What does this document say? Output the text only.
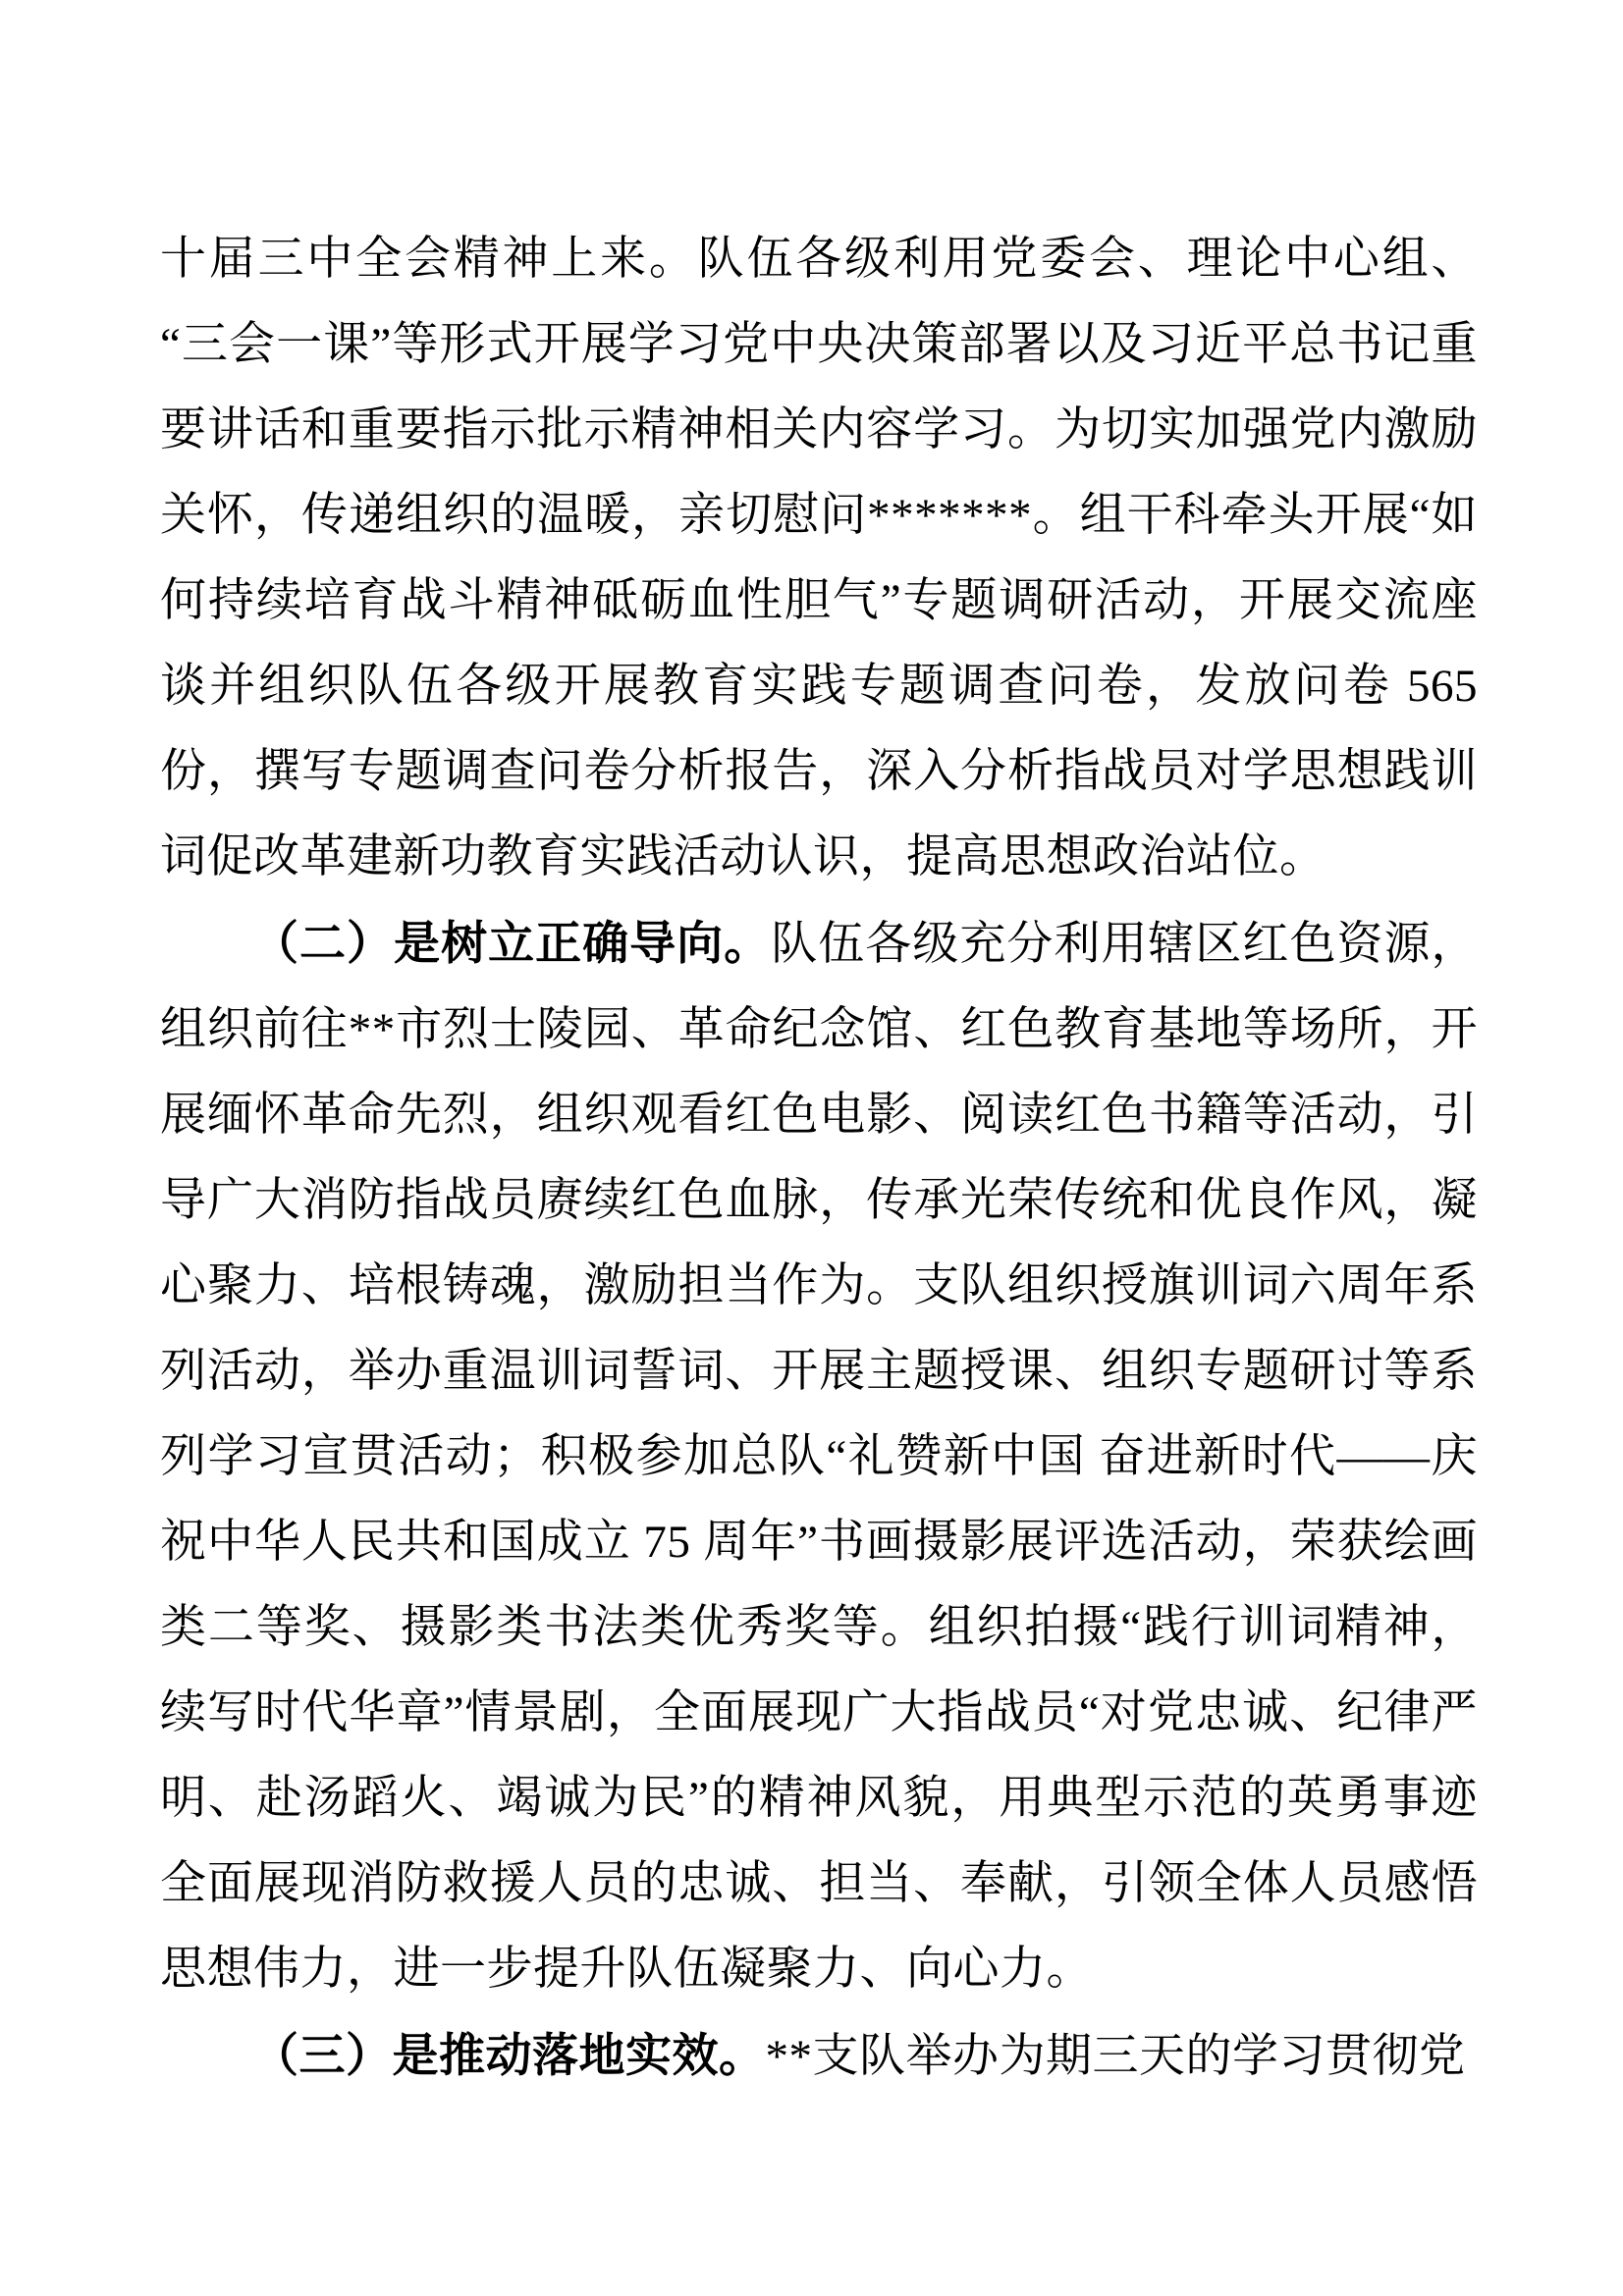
十届三中全会精神上来。队伍各级利用党委会、理论中心组、“三会一课”等形式开展学习党中央决策部署以及习近平总书记重要讲话和重要指示批示精神相关内容学习。为切实加强党内激励关怀，传递组织的温暖，亲切慰问*******。组干科牵头开展“如何持续培育战斗精神砥砺血性胆气”专题调研活动，开展交流座谈并组织队伍各级开展教育实践专题调查问卷，发放问卷 565 份，撰写专题调查问卷分析报告，深入分析指战员对学思想践训词促改革建新功教育实践活动认识，提高思想政治站位。

（二）是树立正确导向。队伍各级充分利用辖区红色资源，组织前往**市烈士陵园、革命纪念馆、红色教育基地等场所，开展缅怀革命先烈，组织观看红色电影、阅读红色书籍等活动，引导广大消防指战员赓续红色血脉，传承光荣传统和优良作风，凝心聚力、培根铸魂，激励担当作为。支队组织授旗训词六周年系列活动，举办重温训词誓词、开展主题授课、组织专题研讨等系列学习宣贯活动；积极参加总队“礼赞新中国 奋进新时代——庆祝中华人民共和国成立 75 周年”书画摄影展评选活动，荣获绘画类二等奖、摄影类书法类优秀奖等。组织拍摄“践行训词精神，续写时代华章”情景剧，全面展现广大指战员“对党忠诚、纪律严明、赴汤蹈火、竭诚为民”的精神风貌，用典型示范的英勇事迹全面展现消防救援人员的忠诚、担当、奉献，引领全体人员感悟思想伟力，进一步提升队伍凝聚力、向心力。

（三）是推动落地实效。**支队举办为期三天的学习贯彻党
